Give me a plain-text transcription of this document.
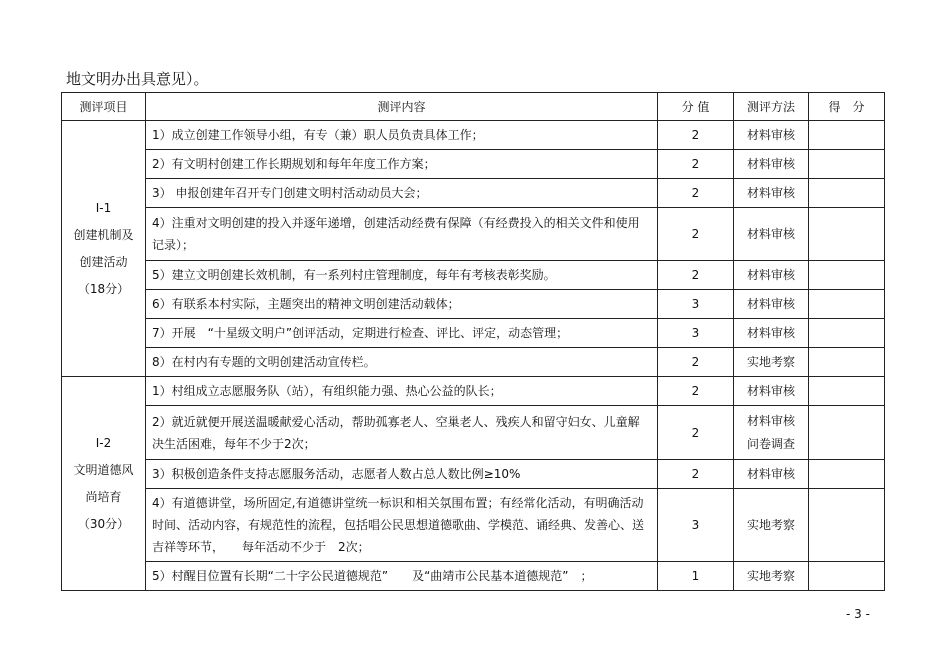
地文明办出具意见）。
测评项目	测评内容	分 值	测评方法	得　分

Ⅰ-1
创建机制及
创建活动
（18分）	1）成立创建工作领导小组，有专（兼）职人员负责具体工作；	2	材料审核	

	2）有文明村创建工作长期规划和每年年度工作方案；	2	材料审核	

	3） 申报创建年召开专门创建文明村活动动员大会；	2	材料审核	

	4）注重对文明创建的投入并逐年递增，创建活动经费有保障（有经费投入的相关文件和使用记录）；	2	材料审核	

	5）建立文明创建长效机制，有一系列村庄管理制度，每年有考核表彰奖励。	2	材料审核	

	6）有联系本村实际，主题突出的精神文明创建活动载体；	3	材料审核	

	7）开展　“十星级文明户”创评活动，定期进行检查、评比、评定，动态管理；	3	材料审核	

	8）在村内有专题的文明创建活动宣传栏。	2	实地考察	

Ⅰ-2
文明道德风
尚培育
（30分）	1）村组成立志愿服务队（站），有组织能力强、热心公益的队长；	2	材料审核	

	2）就近就便开展送温暖献爱心活动，帮助孤寡老人、空巢老人、残疾人和留守妇女、儿童解决生活困难，每年不少于2次；	2	材料审核
问卷调查	

	3）积极创造条件支持志愿服务活动，志愿者人数占总人数比例≥10%	2	材料审核	

	4）有道德讲堂，场所固定,有道德讲堂统一标识和相关氛围布置；有经常化活动，有明确活动时间、活动内容，有规范性的流程，包括唱公民思想道德歌曲、学模范、诵经典、发善心、送吉祥等环节，　　每年活动不少于　2次；	3	实地考察	

	5）村醒目位置有长期“二十字公民道德规范”　　及“曲靖市公民基本道德规范”　；	1	实地考察	

- 3 -
